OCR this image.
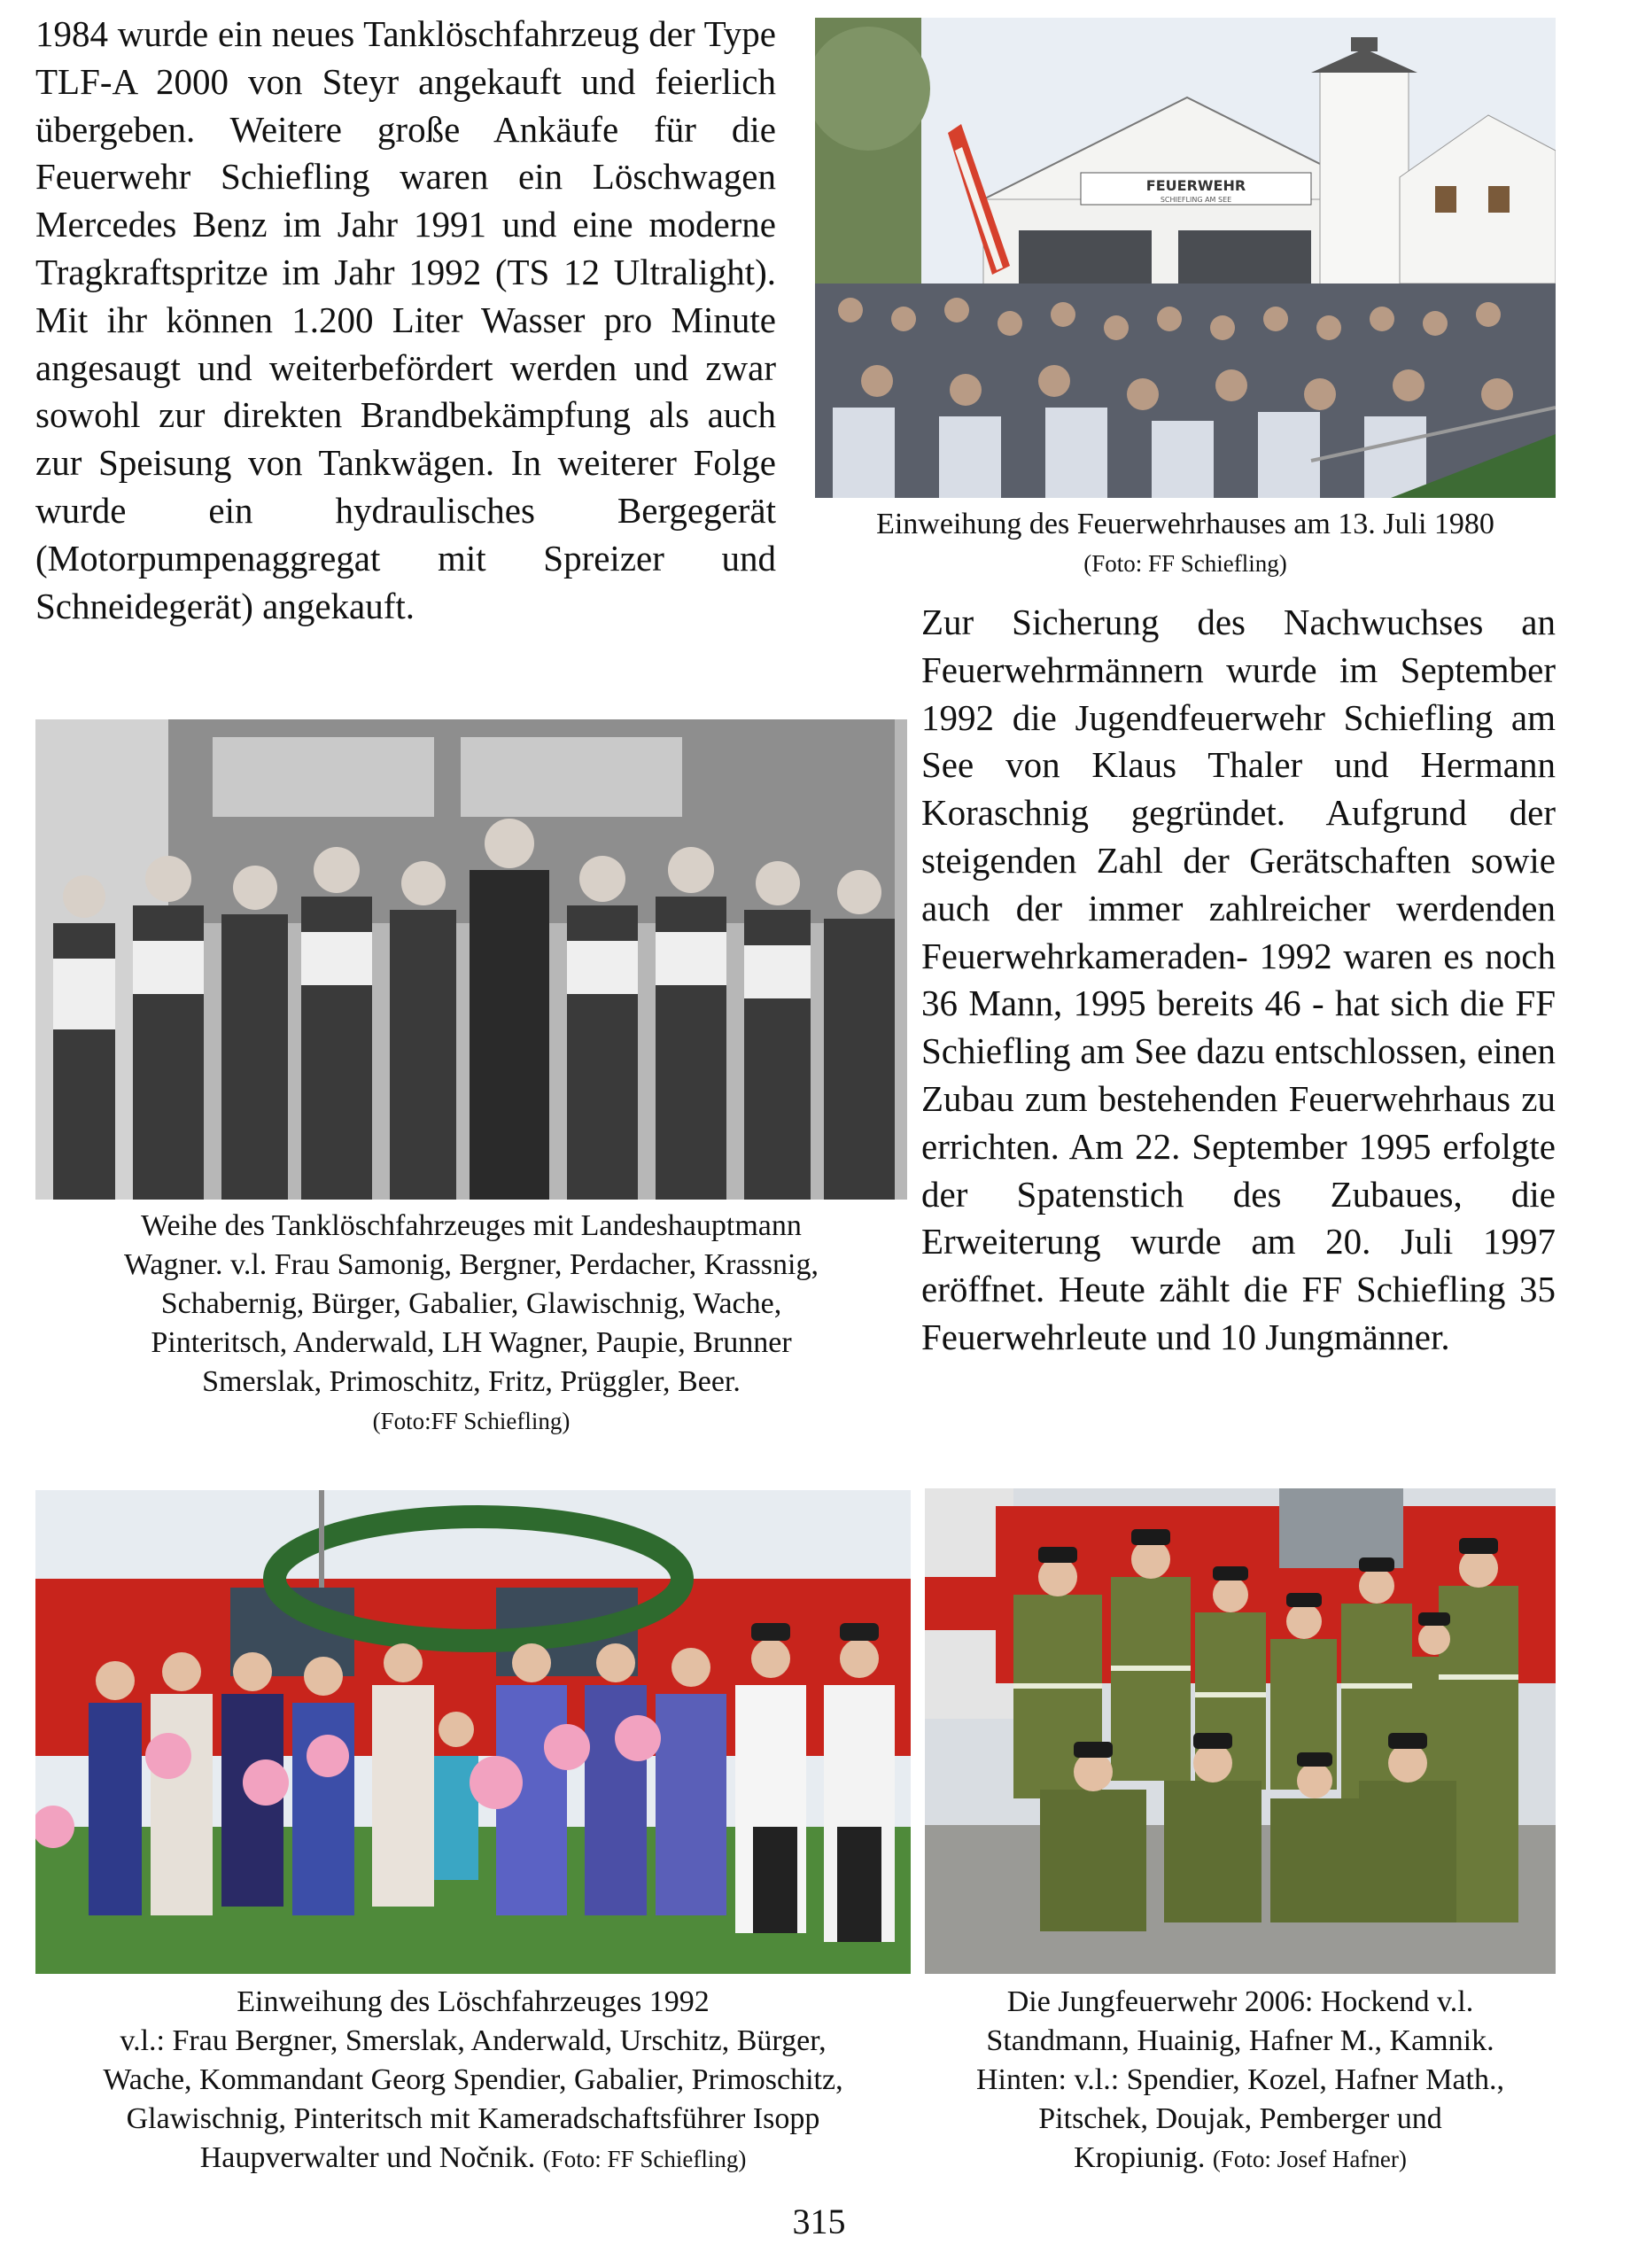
1984 wurde ein neues Tanklöschfahrzeug der Type TLF-A 2000 von Steyr angekauft und feierlich übergeben. Weitere große Ankäufe für die Feuerwehr Schiefling waren ein Löschwagen Mercedes Benz im Jahr 1991 und eine moderne Tragkraftspritze im Jahr 1992 (TS 12 Ultralight). Mit ihr können 1.200 Liter Wasser pro Minute angesaugt und weiterbefördert werden und zwar sowohl zur direkten Brandbekämpfung als auch zur Speisung von Tankwägen. In weiterer Folge wurde ein hydraulisches Bergegerät (Motorpumpenaggregat mit Spreizer und Schneidegerät) angekauft.
FEUERWEHR
SCHIEFLING AM SEE
Einweihung des Feuerwehrhauses am 13. Juli 1980
(Foto: FF Schiefling)
Zur Sicherung des Nachwuchses an Feuerwehrmännern wurde im September 1992 die Jugendfeuerwehr Schiefling am See von Klaus Thaler und Hermann Koraschnig gegründet. Aufgrund der steigenden Zahl der Gerätschaften sowie auch der immer zahlreicher werdenden Feuerwehrkameraden- 1992 waren es noch 36 Mann, 1995 bereits 46 - hat sich die FF Schiefling am See dazu entschlossen, einen Zubau zum bestehenden Feuerwehrhaus zu errichten. Am 22. September 1995 erfolgte der Spatenstich des Zubaues, die Erweiterung wurde am 20. Juli 1997 eröffnet. Heute zählt die FF Schiefling 35 Feuerwehrleute und 10 Jungmänner.
Weihe des Tanklöschfahrzeuges mit Landeshauptmann
Wagner. v.l. Frau Samonig, Bergner, Perdacher, Krassnig,
Schabernig, Bürger, Gabalier, Glawischnig, Wache,
Pinteritsch, Anderwald, LH Wagner, Paupie, Brunner
Smerslak, Primoschitz, Fritz, Prüggler, Beer.
(Foto:FF Schiefling)
Einweihung des Löschfahrzeuges 1992
v.l.: Frau Bergner, Smerslak, Anderwald, Urschitz, Bürger,
Wache, Kommandant Georg Spendier, Gabalier, Primoschitz,
Glawischnig, Pinteritsch mit Kameradschaftsführer Isopp
Haupverwalter und Nočnik. (Foto: FF Schiefling)
Die Jungfeuerwehr 2006: Hockend v.l.
Standmann, Huainig, Hafner M., Kamnik.
Hinten: v.l.: Spendier, Kozel, Hafner Math.,
Pitschek, Doujak, Pemberger und
Kropiunig. (Foto: Josef Hafner)
315
